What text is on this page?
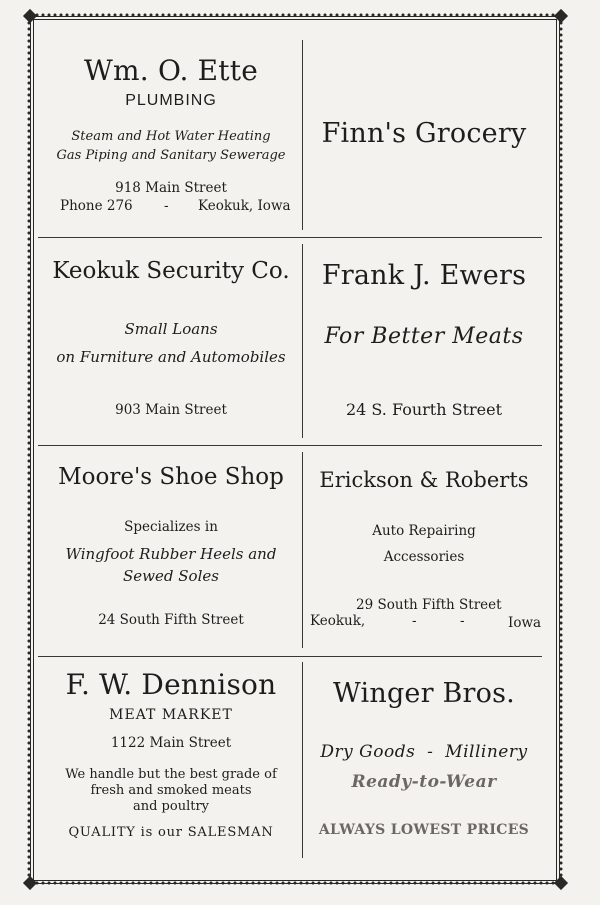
Wm. O. Ette
PLUMBING
Steam and Hot Water Heating
Gas Piping and Sanitary Sewerage
918 Main Street
Phone 276	-	Keokuk, Iowa
Finn's Grocery
Keokuk Security Co.
Small Loans
on Furniture and Automobiles
903 Main Street
Frank J. Ewers
For Better Meats
24 S. Fourth Street
Moore's Shoe Shop
Specializes in
Wingfoot Rubber Heels and
Sewed Soles
24 South Fifth Street
Erickson & Roberts
Auto Repairing
Accessories
29 South Fifth Street
Keokuk,	-	-	Iowa
F. W. Dennison
MEAT MARKET
1122 Main Street
We handle but the best grade of
fresh and smoked meats
and poultry
QUALITY is our SALESMAN
Winger Bros.
Dry Goods  -  Millinery
Ready-to-Wear
ALWAYS LOWEST PRICES
